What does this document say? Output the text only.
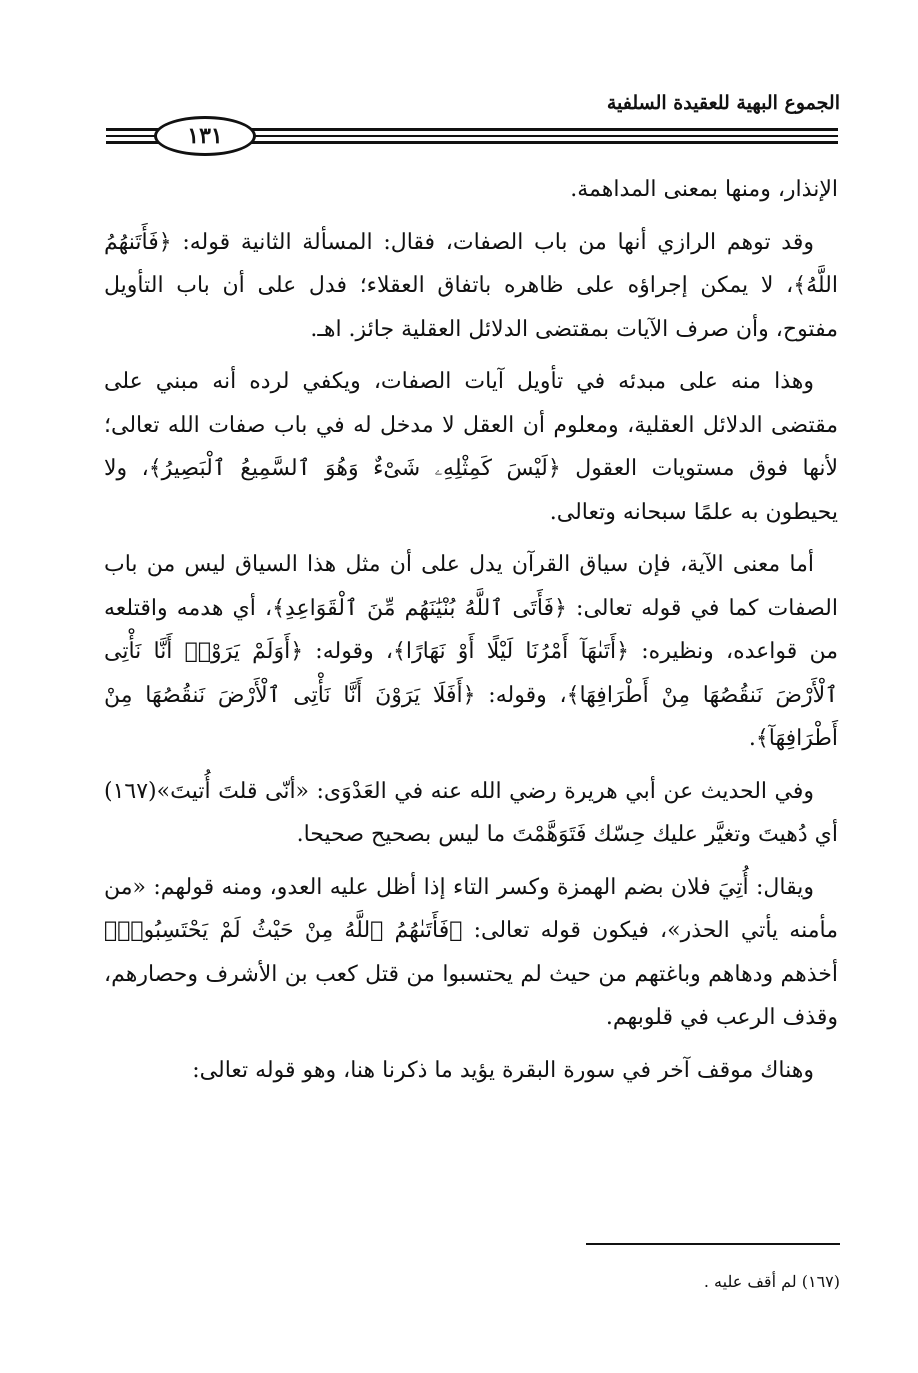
الجموع البهية للعقيدة السلفية
١٣١

الإنذار، ومنها بمعنى المداهمة.

وقد توهم الرازي أنها من باب الصفات، فقال: المسألة الثانية قوله: ﴿فَأَتَنهُمُ اللَّهُ﴾، لا يمكن إجراؤه على ظاهره باتفاق العقلاء؛ فدل على أن باب التأويل مفتوح، وأن صرف الآيات بمقتضى الدلائل العقلية جائز. اهـ.

وهذا منه على مبدئه في تأويل آيات الصفات، ويكفي لرده أنه مبني على مقتضى الدلائل العقلية، ومعلوم أن العقل لا مدخل له في باب صفات الله تعالى؛ لأنها فوق مستويات العقول ﴿لَيْسَ كَمِثْلِهِۦ شَىْءٌ وَهُوَ ٱلسَّمِيعُ ٱلْبَصِيرُ﴾، ولا يحيطون به علمًا سبحانه وتعالى.

أما معنى الآية، فإن سياق القرآن يدل على أن مثل هذا السياق ليس من باب الصفات كما في قوله تعالى: ﴿فَأَتَى ٱللَّهُ بُنْيَٰنَهُم مِّنَ ٱلْقَوَاعِدِ﴾، أي هدمه واقتلعه من قواعده، ونظيره: ﴿أَتَىٰهَآ أَمْرُنَا لَيْلًا أَوْ نَهَارًا﴾، وقوله: ﴿أَوَلَمْ يَرَوْا۟ أَنَّا نَأْتِى ٱلْأَرْضَ نَنقُصُهَا مِنْ أَطْرَافِهَا﴾، وقوله: ﴿أَفَلَا يَرَوْنَ أَنَّا نَأْتِى ٱلْأَرْضَ نَنقُصُهَا مِنْ أَطْرَافِهَآ﴾.

وفي الحديث عن أبي هريرة رضي الله عنه في العَدْوَى: «أنّى قلتَ أُتيتَ»(١٦٧) أي دُهيتَ وتغيَّر عليك حِسّك فَتَوَهَّمْتَ ما ليس بصحيح صحيحا.

ويقال: أُتِيَ فلان بضم الهمزة وكسر التاء إذا أظل عليه العدو، ومنه قولهم: «من مأمنه يأتي الحذر»، فيكون قوله تعالى: ﴿فَأَتَىٰهُمُ ٱللَّهُ مِنْ حَيْثُ لَمْ يَحْتَسِبُوا۟﴾ أخذهم ودهاهم وباغتهم من حيث لم يحتسبوا من قتل كعب بن الأشرف وحصارهم، وقذف الرعب في قلوبهم.

وهناك موقف آخر في سورة البقرة يؤيد ما ذكرنا هنا، وهو قوله تعالى:

(١٦٧) لم أقف عليه .
